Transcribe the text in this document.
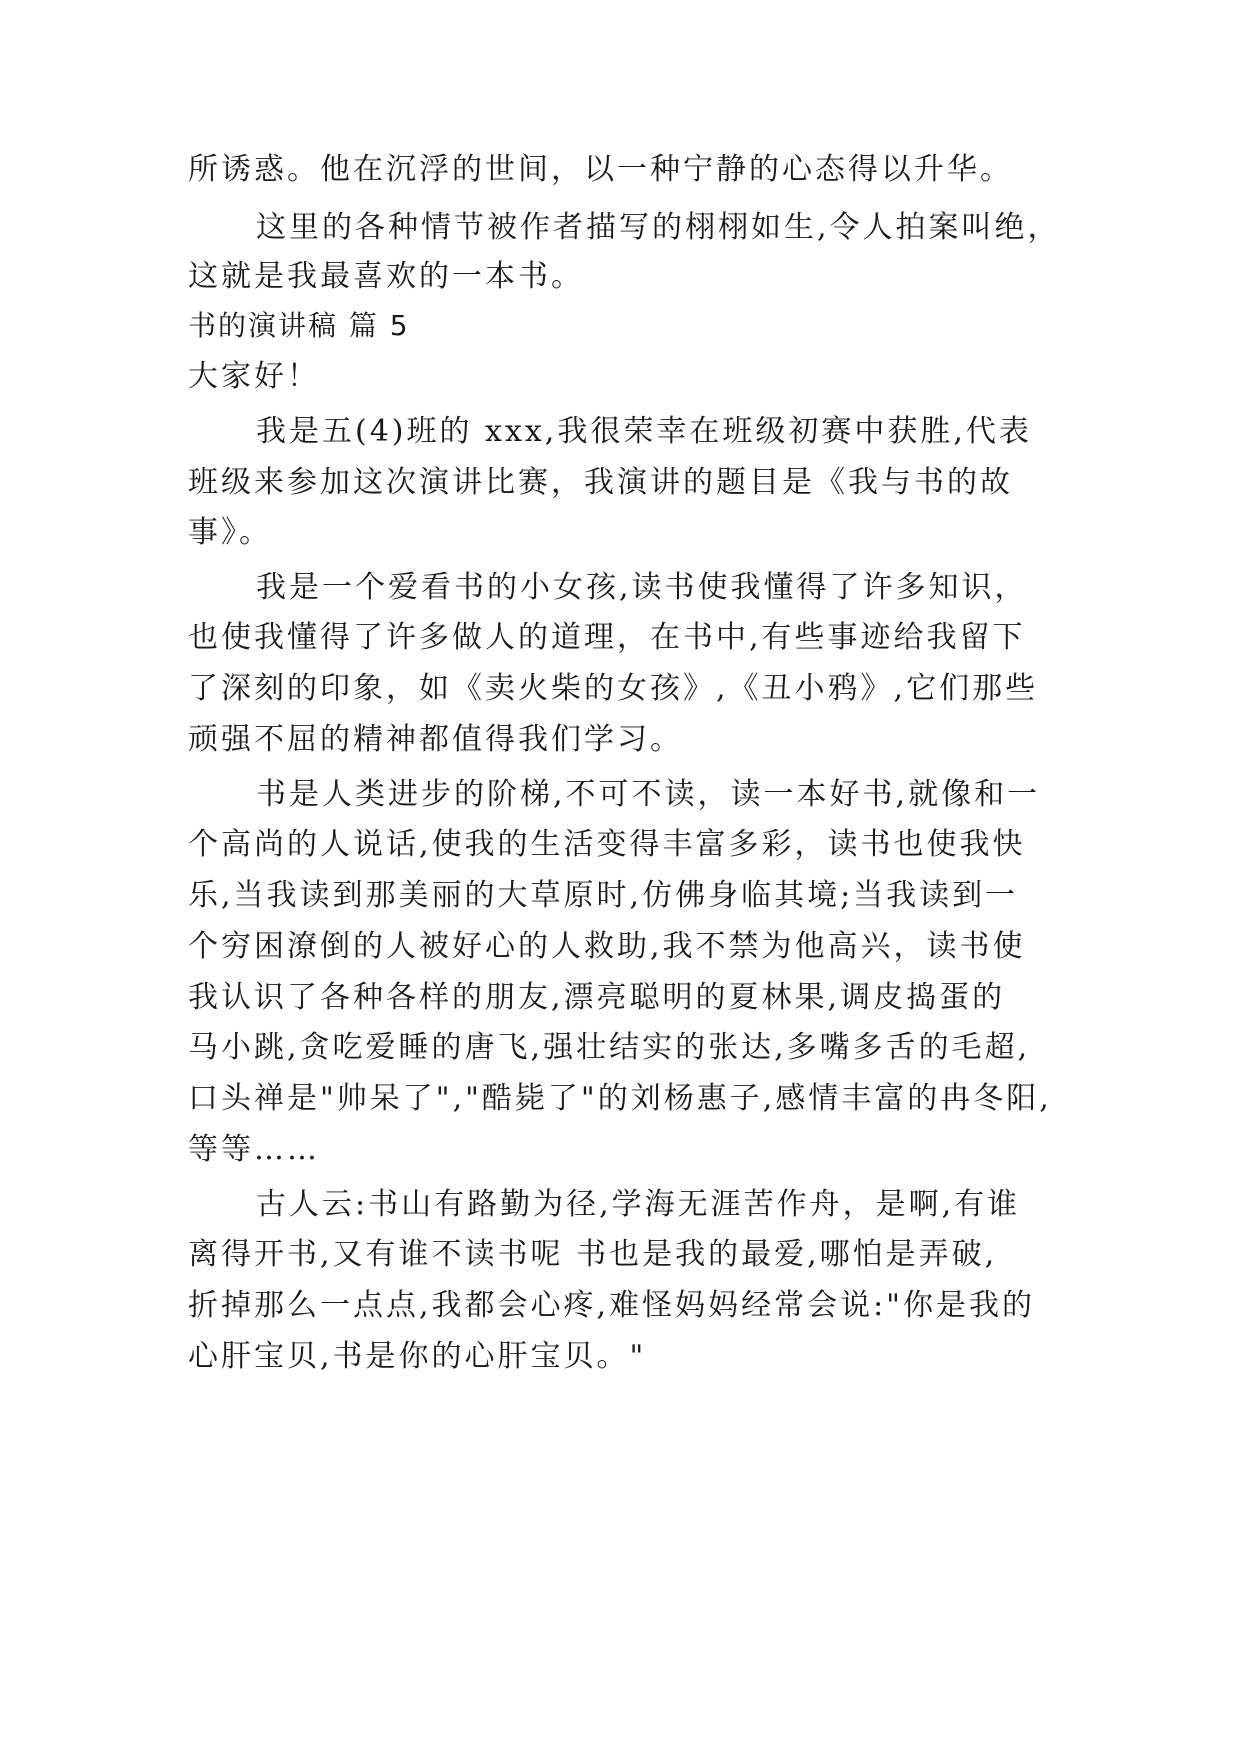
所诱惑。他在沉浮的世间，以一种宁静的心态得以升华。
这里的各种情节被作者描写的栩栩如生,令人拍案叫绝，
这就是我最喜欢的一本书。
书的演讲稿 篇 5
大家好！
我是五(4)班的 xxx,我很荣幸在班级初赛中获胜,代表
班级来参加这次演讲比赛，我演讲的题目是《我与书的故
事》。
我是一个爱看书的小女孩,读书使我懂得了许多知识，
也使我懂得了许多做人的道理，在书中,有些事迹给我留下
了深刻的印象，如《卖火柴的女孩》,《丑小鸦》,它们那些
顽强不屈的精神都值得我们学习。
书是人类进步的阶梯,不可不读，读一本好书,就像和一
个高尚的人说话,使我的生活变得丰富多彩，读书也使我快
乐,当我读到那美丽的大草原时,仿佛身临其境;当我读到一
个穷困潦倒的人被好心的人救助,我不禁为他高兴，读书使
我认识了各种各样的朋友,漂亮聪明的夏林果,调皮捣蛋的
马小跳,贪吃爱睡的唐飞,强壮结实的张达,多嘴多舌的毛超,
口头禅是"帅呆了","酷毙了"的刘杨惠子,感情丰富的冉冬阳,
等等……
古人云:书山有路勤为径,学海无涯苦作舟，是啊,有谁
离得开书,又有谁不读书呢 书也是我的最爱,哪怕是弄破,
折掉那么一点点,我都会心疼,难怪妈妈经常会说:"你是我的
心肝宝贝,书是你的心肝宝贝。"
